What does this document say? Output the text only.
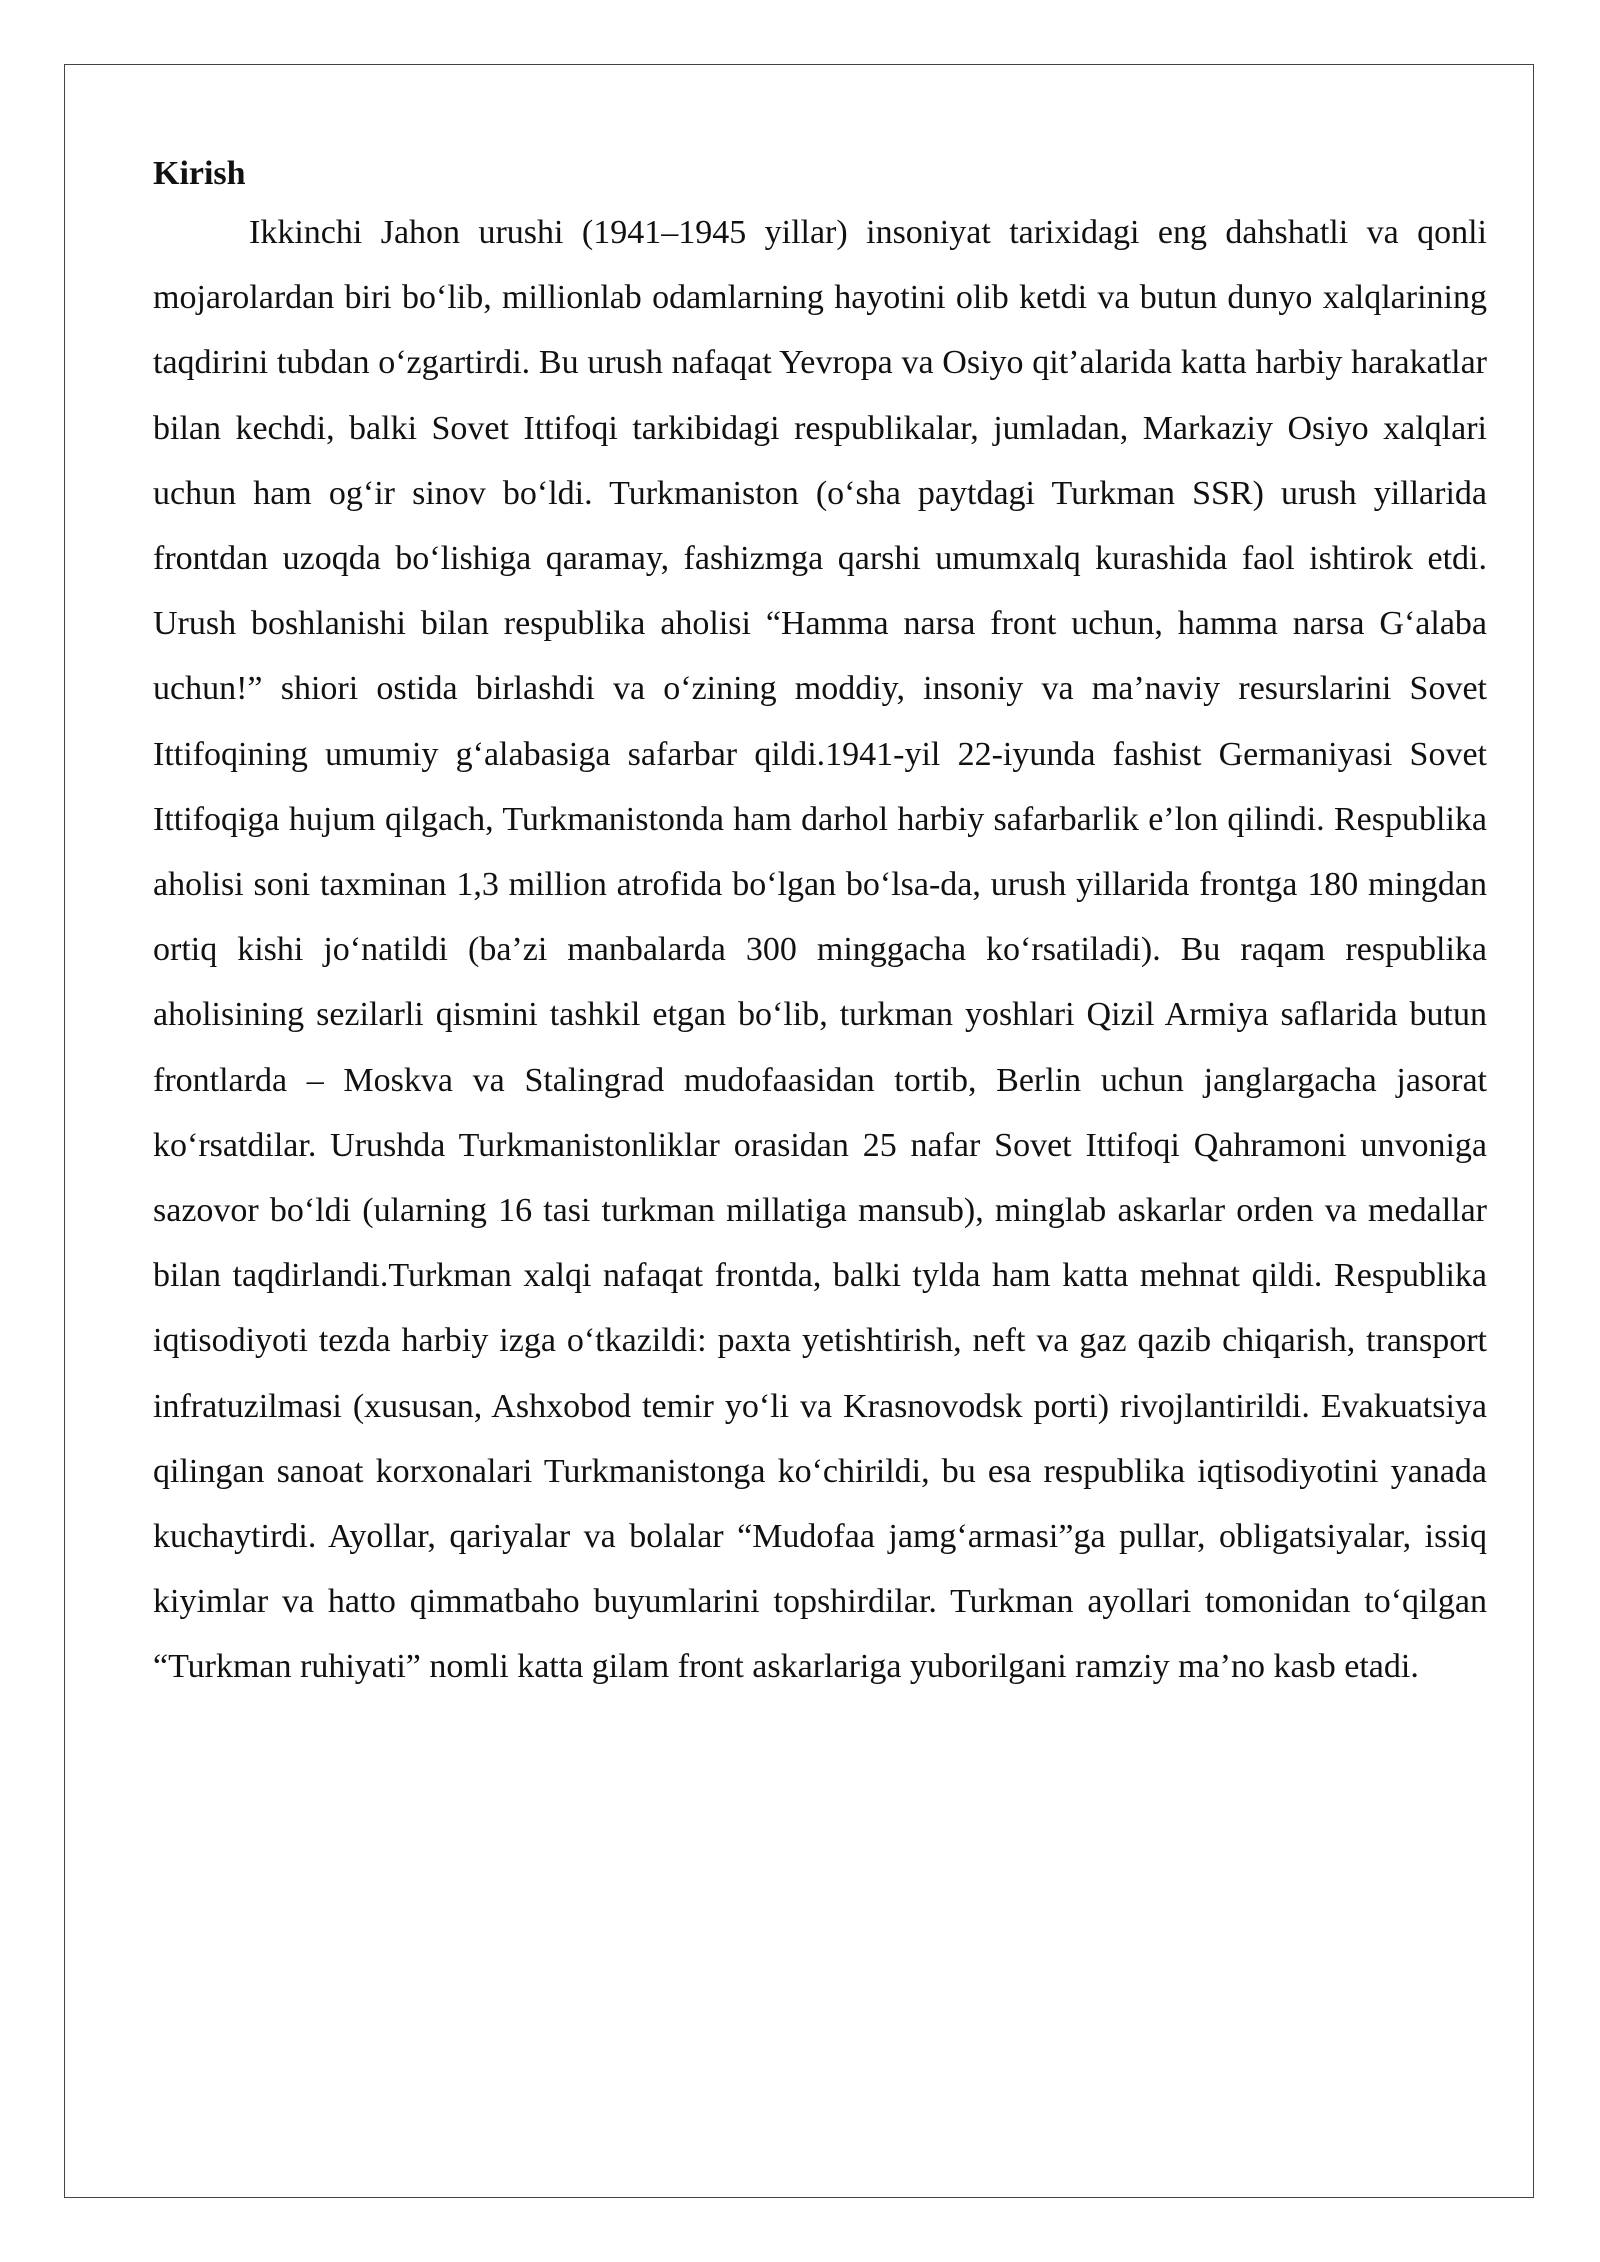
Kirish

Ikkinchi Jahon urushi (1941–1945 yillar) insoniyat tarixidagi eng dahshatli va qonli mojarolardan biri bo‘lib, millionlab odamlarning hayotini olib ketdi va butun dunyo xalqlarining taqdirini tubdan o‘zgartirdi. Bu urush nafaqat Yevropa va Osiyo qit’alarida katta harbiy harakatlar bilan kechdi, balki Sovet Ittifoqi tarkibidagi respublikalar, jumladan, Markaziy Osiyo xalqlari uchun ham og‘ir sinov bo‘ldi. Turkmaniston (o‘sha paytdagi Turkman SSR) urush yillarida frontdan uzoqda bo‘lishiga qaramay, fashizmga qarshi umumxalq kurashida faol ishtirok etdi. Urush boshlanishi bilan respublika aholisi “Hamma narsa front uchun, hamma narsa G‘alaba uchun!” shiori ostida birlashdi va o‘zining moddiy, insoniy va ma’naviy resurslarini Sovet Ittifoqining umumiy g‘alabasiga safarbar qildi.1941-yil 22-iyunda fashist Germaniyasi Sovet Ittifoqiga hujum qilgach, Turkmanistonda ham darhol harbiy safarbarlik e’lon qilindi. Respublika aholisi soni taxminan 1,3 million atrofida bo‘lgan bo‘lsa-da, urush yillarida frontga 180 mingdan ortiq kishi jo‘natildi (ba’zi manbalarda 300 minggacha ko‘rsatiladi). Bu raqam respublika aholisining sezilarli qismini tashkil etgan bo‘lib, turkman yoshlari Qizil Armiya saflarida butun frontlarda – Moskva va Stalingrad mudofaasidan tortib, Berlin uchun janglargacha jasorat ko‘rsatdilar. Urushda Turkmanistonliklar orasidan 25 nafar Sovet Ittifoqi Qahramoni unvoniga sazovor bo‘ldi (ularning 16 tasi turkman millatiga mansub), minglab askarlar orden va medallar bilan taqdirlandi.Turkman xalqi nafaqat frontda, balki tylda ham katta mehnat qildi. Respublika iqtisodiyoti tezda harbiy izga o‘tkazildi: paxta yetishtirish, neft va gaz qazib chiqarish, transport infratuzilmasi (xususan, Ashxobod temir yo‘li va Krasnovodsk porti) rivojlantirildi. Evakuatsiya qilingan sanoat korxonalari Turkmanistonga ko‘chirildi, bu esa respublika iqtisodiyotini yanada kuchaytirdi. Ayollar, qariyalar va bolalar “Mudofaa jamg‘armasi”ga pullar, obligatsiyalar, issiq kiyimlar va hatto qimmatbaho buyumlarini topshirdilar. Turkman ayollari tomonidan to‘qilgan “Turkman ruhiyati” nomli katta gilam front askarlariga yuborilgani ramziy ma’no kasb etadi.
